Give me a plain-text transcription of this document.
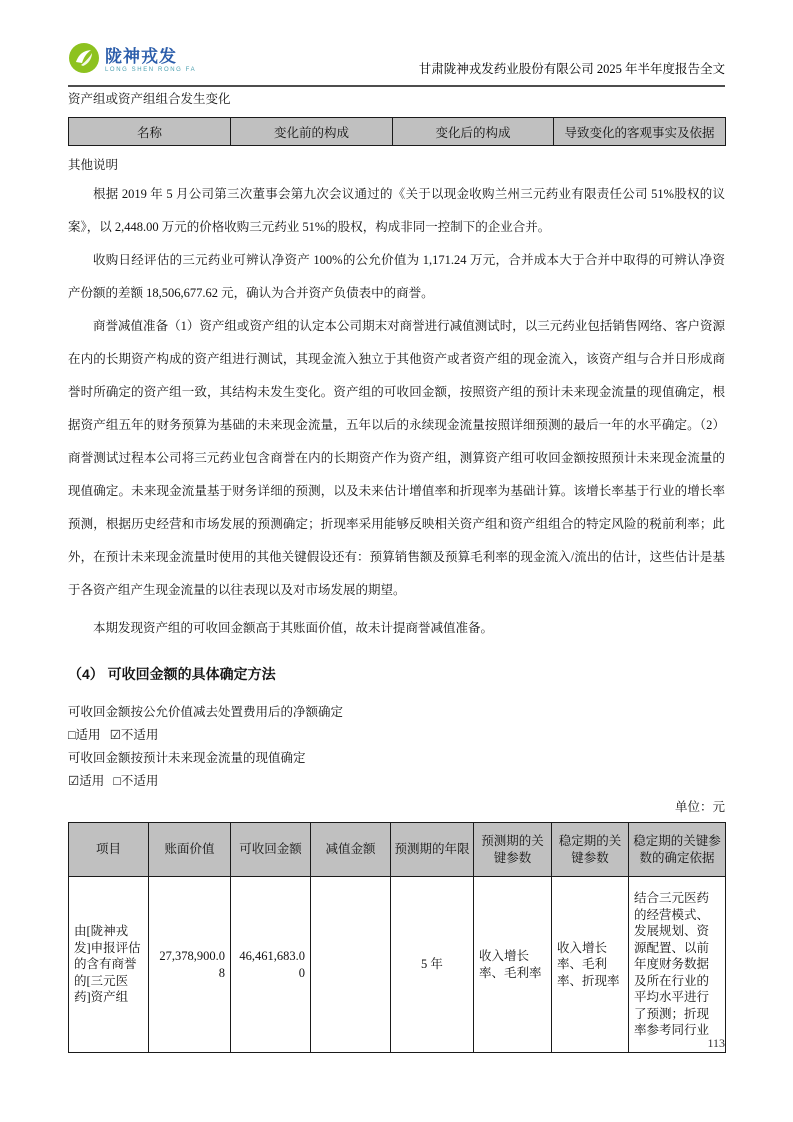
陇神戎发
LONG SHEN RONG FA	甘肃陇神戎发药业股份有限公司 2025 年半年度报告全文
资产组或资产组组合发生变化
名称	变化前的构成	变化后的构成	导致变化的客观事实及依据
其他说明

根据 2019 年 5 月公司第三次董事会第九次会议通过的《关于以现金收购兰州三元药业有限责任公司 51%股权的议案》，以 2,448.00 万元的价格收购三元药业 51%的股权，构成非同一控制下的企业合并。

收购日经评估的三元药业可辨认净资产 100%的公允价值为 1,171.24 万元，合并成本大于合并中取得的可辨认净资产份额的差额 18,506,677.62 元，确认为合并资产负债表中的商誉。

商誉减值准备（1）资产组或资产组的认定本公司期末对商誉进行减值测试时，以三元药业包括销售网络、客户资源在内的长期资产构成的资产组进行测试，其现金流入独立于其他资产或者资产组的现金流入，该资产组与合并日形成商誉时所确定的资产组一致，其结构未发生变化。资产组的可收回金额，按照资产组的预计未来现金流量的现值确定，根据资产组五年的财务预算为基础的未来现金流量，五年以后的永续现金流量按照详细预测的最后一年的水平确定。（2）商誉测试过程本公司将三元药业包含商誉在内的长期资产作为资产组，测算资产组可收回金额按照预计未来现金流量的现值确定。未来现金流量基于财务详细的预测，以及未来估计增值率和折现率为基础计算。该增长率基于行业的增长率预测，根据历史经营和市场发展的预测确定；折现率采用能够反映相关资产组和资产组组合的特定风险的税前利率；此外，在预计未来现金流量时使用的其他关键假设还有：预算销售额及预算毛利率的现金流入/流出的估计，这些估计是基于各资产组产生现金流量的以往表现以及对市场发展的期望。

本期发现资产组的可收回金额高于其账面价值，故未计提商誉减值准备。

（4） 可收回金额的具体确定方法
可收回金额按公允价值减去处置费用后的净额确定
□适用 ☑不适用
可收回金额按预计未来现金流量的现值确定
☑适用 □不适用
单位：元
项目	账面价值	可收回金额	减值金额	预测期的年限	预测期的关键参数	稳定期的关键参数	稳定期的关键参数的确定依据
由[陇神戎发]申报评估的含有商誉的[三元医药]资产组	27,378,900.08	46,461,683.00		5 年	收入增长率、毛利率	收入增长率、毛利率、折现率	结合三元医药的经营模式、发展规划、资源配置、以前年度财务数据及所在行业的平均水平进行了预测；折现率参考同行业
113
